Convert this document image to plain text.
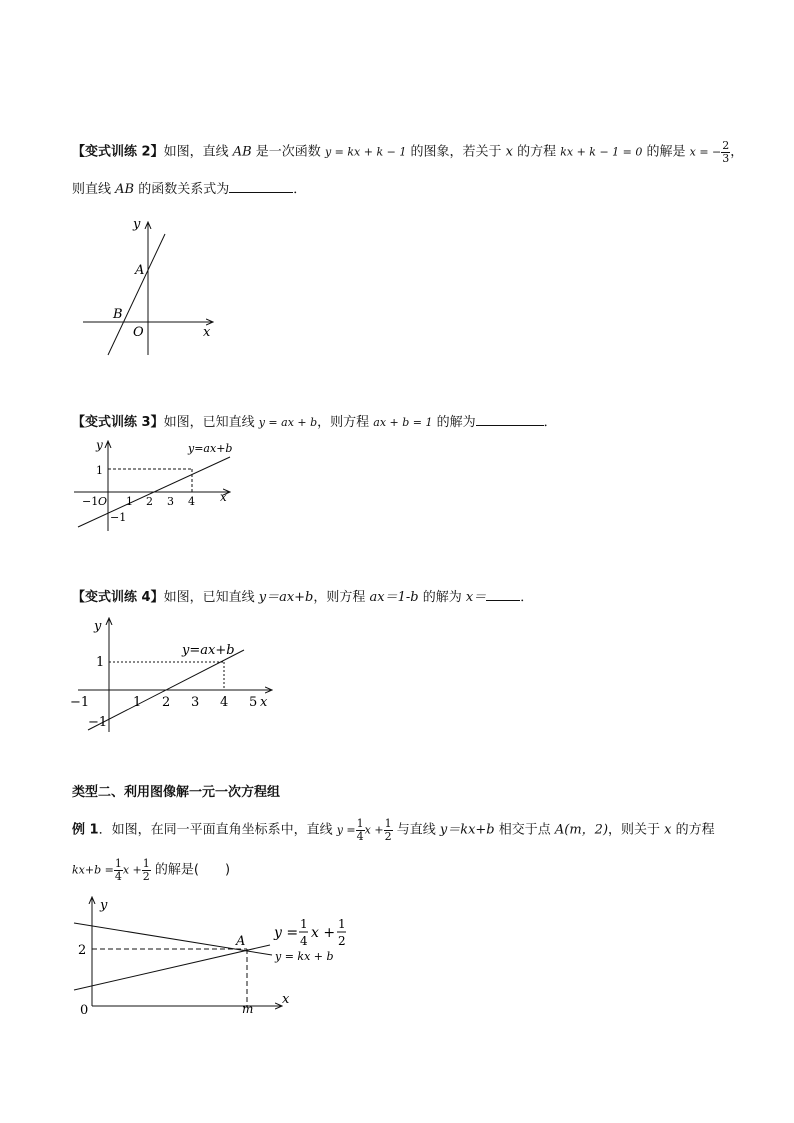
【变式训练 2】如图，直线 AB 是一次函数 y = kx + k − 1 的图象，若关于 x 的方程 kx + k − 1 = 0 的解是 x = − $\frac{2}{3}$ ，
则直线 AB 的函数关系式为	．
y
x
A
B
O
【变式训练 3】如图，已知直线 y = ax + b，则方程 ax + b = 1 的解为	．
y
x
y=ax+b
1
−1 O 1 2 3 4
−1
【变式训练 4】如图，已知直线 y＝ax+b，则方程 ax＝1-b 的解为 x＝	．
y
x
y=ax+b
1
−1	1 2 3 4 5
−1
类型二、利用图像解一元一次方程组
例 1．如图，在同一平面直角坐标系中，直线 $y = \frac{1}{4}$ $x + \frac{1}{2}$ 与直线 y＝kx+b 相交于点 A(m，2)，则关于 x 的方程
$kx+b = \frac{1}{4}$ $x + \frac{1}{2}$ 的解是(　　)
y
x
A
2
0	m
y = kx + b
y =
1
4 x +
1
2
